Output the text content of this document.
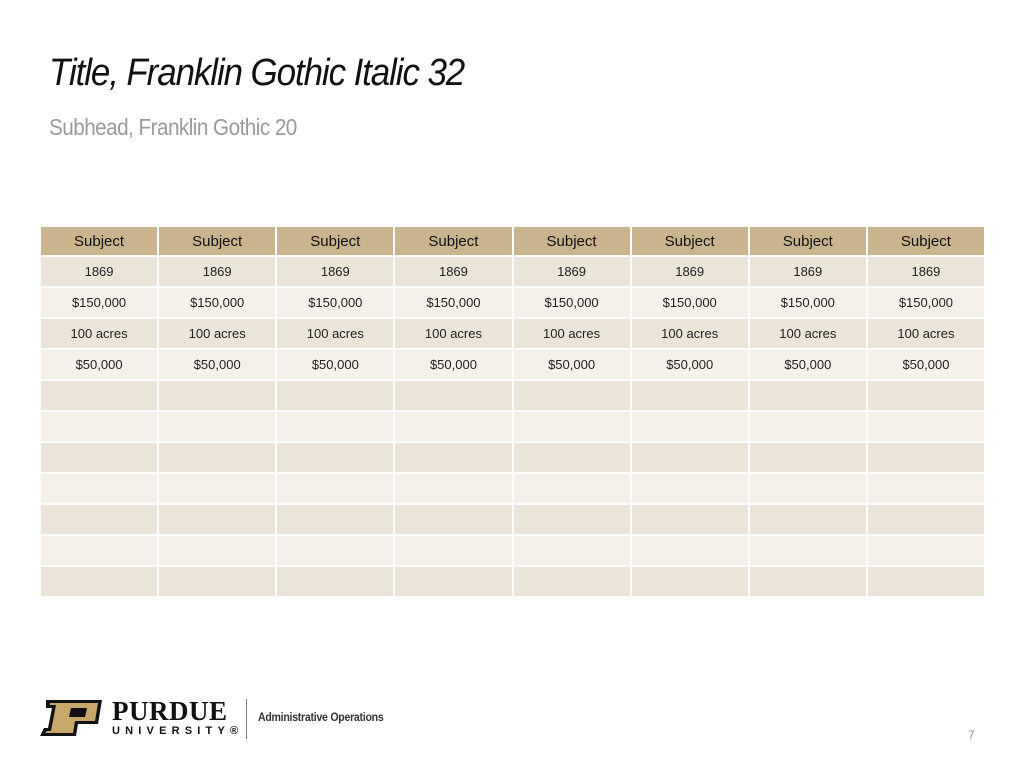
Title, Franklin Gothic Italic 32
Subhead, Franklin Gothic 20
Subject	Subject	Subject	Subject	Subject	Subject	Subject	Subject
1869	1869	1869	1869	1869	1869	1869	1869
$150,000	$150,000	$150,000	$150,000	$150,000	$150,000	$150,000	$150,000
100 acres	100 acres	100 acres	100 acres	100 acres	100 acres	100 acres	100 acres
$50,000	$50,000	$50,000	$50,000	$50,000	$50,000	$50,000	$50,000

PURDUE
UNIVERSITY®
Administrative Operations
7
